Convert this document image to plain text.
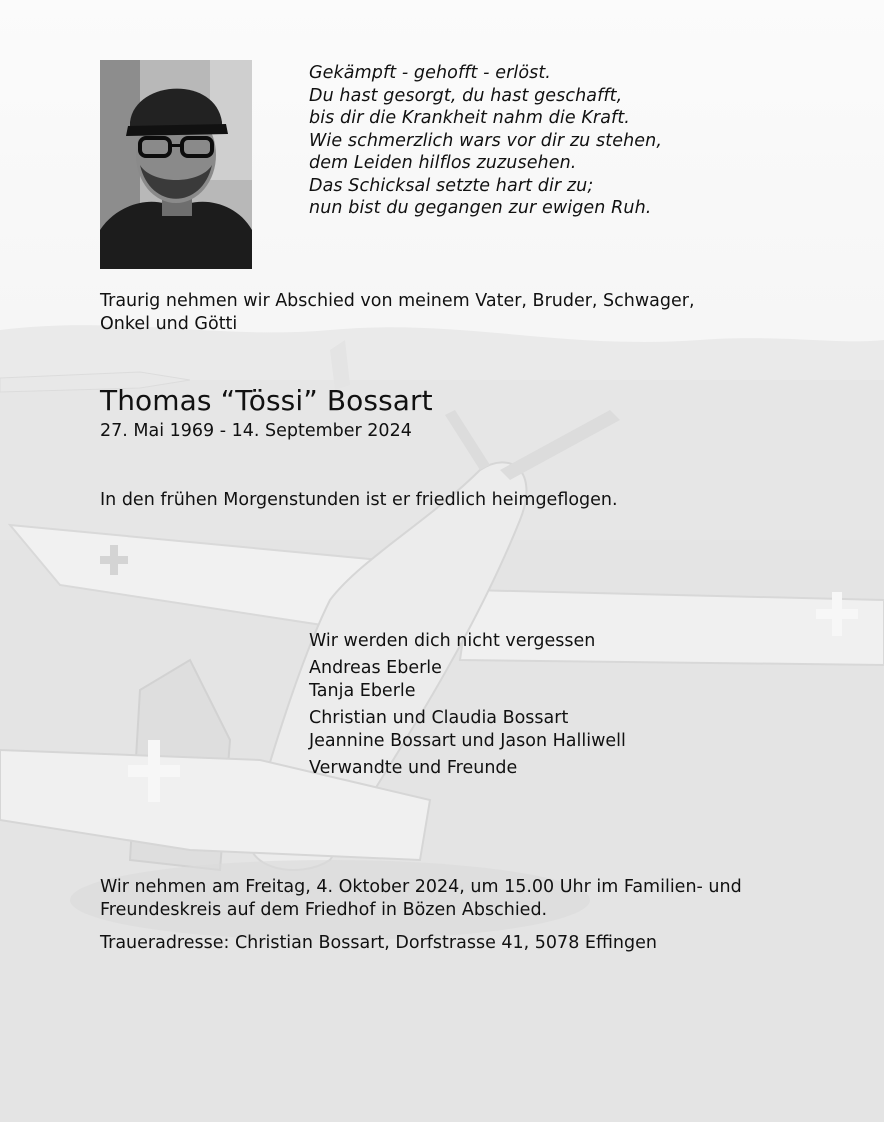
Gekämpft - gehofft - erlöst.
Du hast gesorgt, du hast geschafft,
bis dir die Krankheit nahm die Kraft.
Wie schmerzlich wars vor dir zu stehen,
dem Leiden hilflos zuzusehen.
Das Schicksal setzte hart dir zu;
nun bist du gegangen zur ewigen Ruh.
Traurig nehmen wir Abschied von meinem Vater, Bruder, Schwager,
Onkel und Götti
Thomas “Tössi” Bossart
27. Mai 1969 - 14. September 2024
In den frühen Morgenstunden ist er friedlich heimgeflogen.
Wir werden dich nicht vergessen
Andreas Eberle
Tanja Eberle
Christian und Claudia Bossart
Jeannine Bossart und Jason Halliwell
Verwandte und Freunde
Wir nehmen am Freitag, 4. Oktober 2024, um 15.00 Uhr im Familien- und
Freundeskreis auf dem Friedhof in Bözen Abschied.
Traueradresse: Christian Bossart, Dorfstrasse 41, 5078 Effingen
